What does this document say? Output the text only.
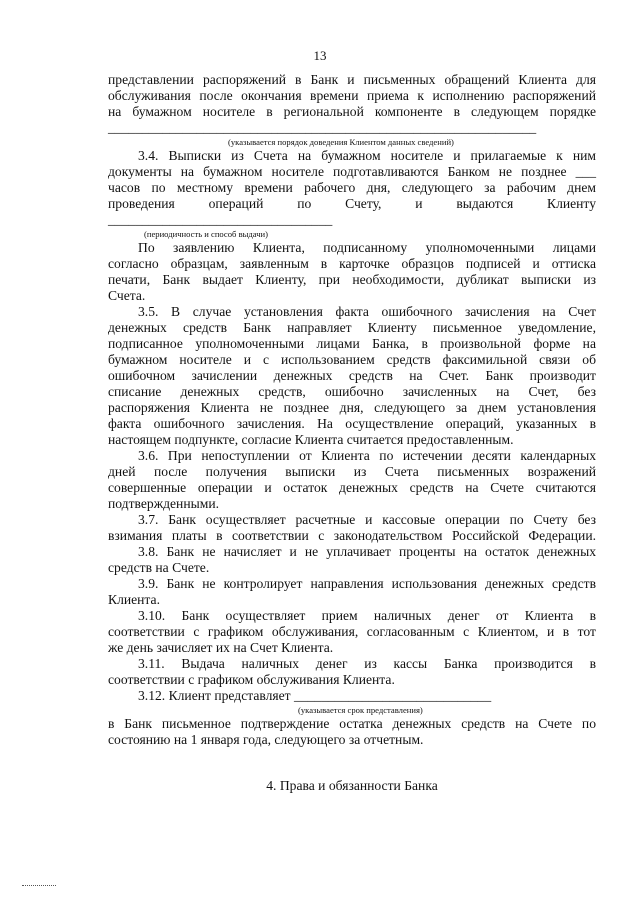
13
представлении распоряжений в Банк и письменных обращений Клиента для
обслуживания после окончания времени приема к исполнению распоряжений
на бумажном носителе в региональной компоненте в следующем порядке
_______________________________________________________________
(указывается порядок доведения Клиентом данных сведений)
3.4. Выписки из Счета на бумажном носителе и прилагаемые к ним
документы на бумажном носителе подготавливаются Банком не позднее ___
часов по местному времени рабочего дня, следующего за рабочим днем
проведения операций по Счету, и выдаются Клиенту
_________________________________
(периодичность и способ выдачи)
По заявлению Клиента, подписанному уполномоченными лицами
согласно образцам, заявленным в карточке образцов подписей и оттиска
печати, Банк выдает Клиенту, при необходимости, дубликат выписки из
Счета.
3.5. В случае установления факта ошибочного зачисления на Счет
денежных средств Банк направляет Клиенту письменное уведомление,
подписанное уполномоченными лицами Банка, в произвольной форме на
бумажном носителе и с использованием средств факсимильной связи об
ошибочном зачислении денежных средств на Счет. Банк производит
списание денежных средств, ошибочно зачисленных на Счет, без
распоряжения Клиента не позднее дня, следующего за днем установления
факта ошибочного зачисления. На осуществление операций, указанных в
настоящем подпункте, согласие Клиента считается предоставленным.
3.6. При непоступлении от Клиента по истечении десяти календарных
дней после получения выписки из Счета письменных возражений
совершенные операции и остаток денежных средств на Счете считаются
подтвержденными.
3.7. Банк осуществляет расчетные и кассовые операции по Счету без
взимания платы в соответствии с законодательством Российской Федерации.
3.8. Банк не начисляет и не уплачивает проценты на остаток денежных
средств на Счете.
3.9. Банк не контролирует направления использования денежных средств
Клиента.
3.10. Банк осуществляет прием наличных денег от Клиента в
соответствии с графиком обслуживания, согласованным с Клиентом, и в тот
же день зачисляет их на Счет Клиента.
3.11. Выдача наличных денег из кассы Банка производится в
соответствии с графиком обслуживания Клиента.
3.12. Клиент представляет _____________________________
(указывается срок представления)
в Банк письменное подтверждение остатка денежных средств на Счете по
состоянию на 1 января года, следующего за отчетным.
4. Права и обязанности Банка
